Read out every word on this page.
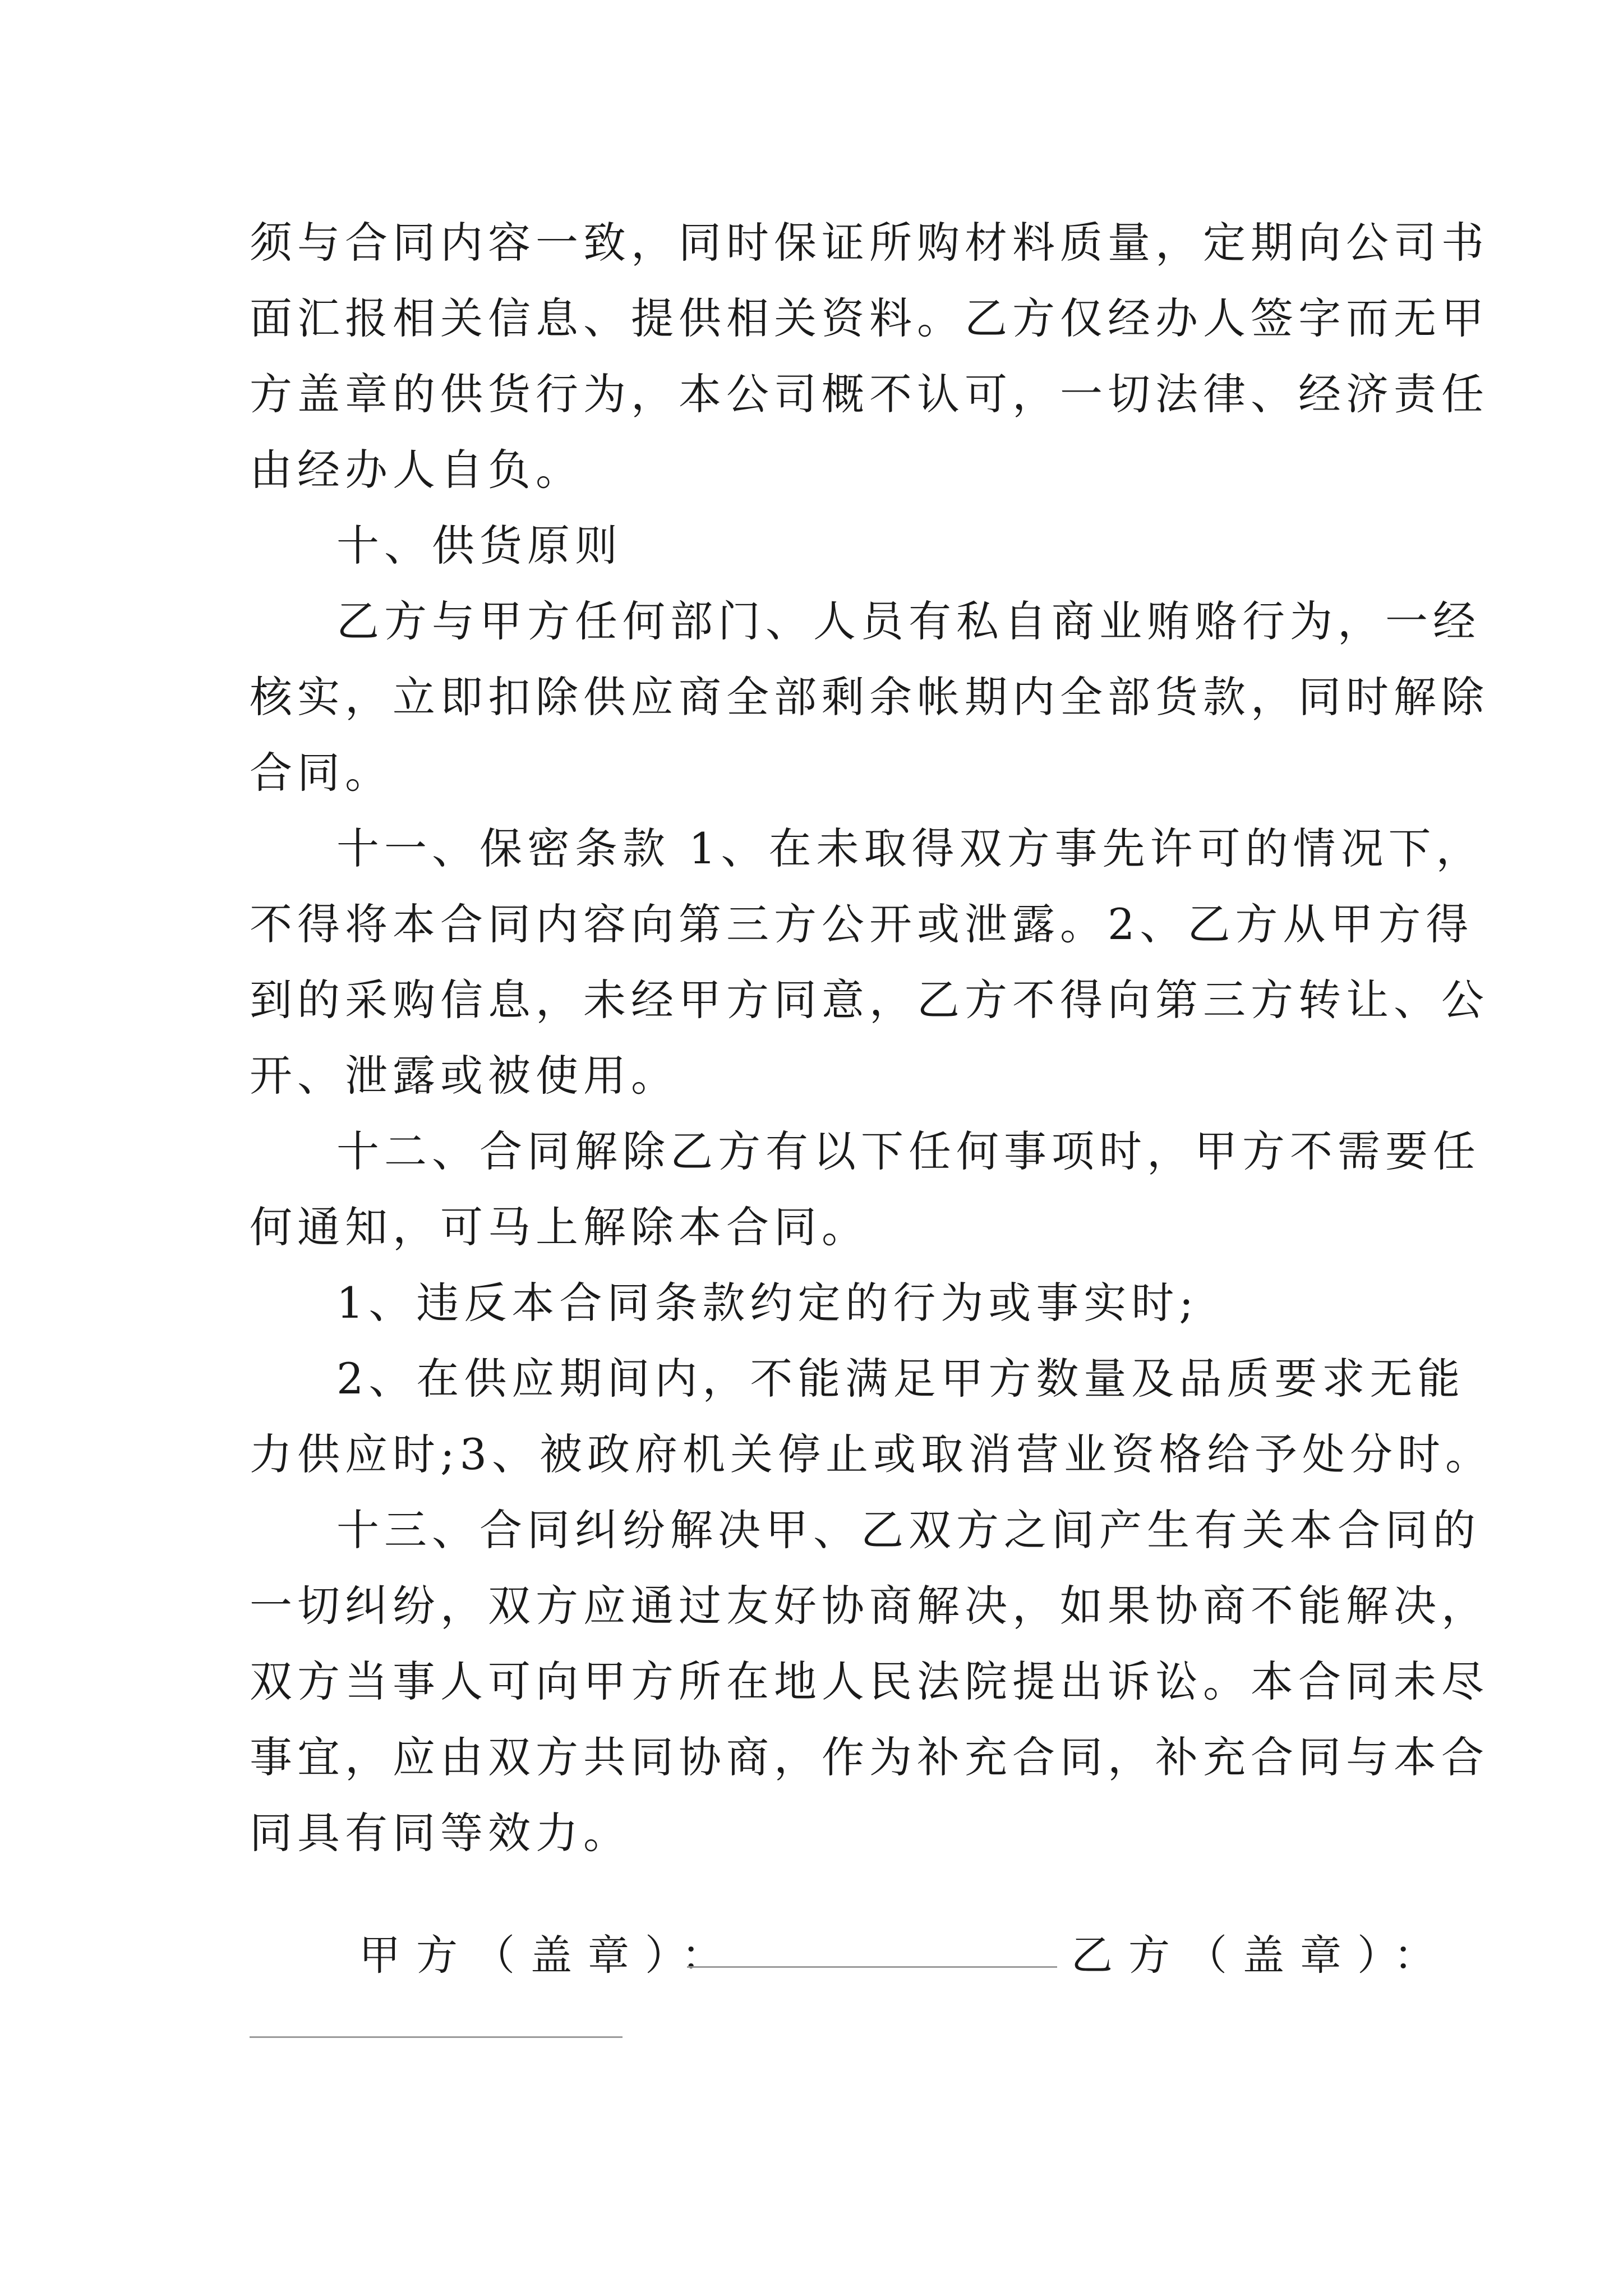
须与合同内容一致，同时保证所购材料质量，定期向公司书
面汇报相关信息、提供相关资料。乙方仅经办人签字而无甲
方盖章的供货行为，本公司概不认可，一切法律、经济责任
由经办人自负。
十、供货原则
乙方与甲方任何部门、人员有私自商业贿赂行为，一经
核实，立即扣除供应商全部剩余帐期内全部货款，同时解除
合同。
十一、保密条款 1、在未取得双方事先许可的情况下，
不得将本合同内容向第三方公开或泄露。2、乙方从甲方得
到的采购信息，未经甲方同意，乙方不得向第三方转让、公
开、泄露或被使用。
十二、合同解除乙方有以下任何事项时，甲方不需要任
何通知，可马上解除本合同。
1、违反本合同条款约定的行为或事实时;
2、在供应期间内，不能满足甲方数量及品质要求无能
力供应时;3、被政府机关停止或取消营业资格给予处分时。
十三、合同纠纷解决甲、乙双方之间产生有关本合同的
一切纠纷，双方应通过友好协商解决，如果协商不能解决，
双方当事人可向甲方所在地人民法院提出诉讼。本合同未尽
事宜，应由双方共同协商，作为补充合同，补充合同与本合
同具有同等效力。
甲方（盖章）：	乙方（盖章）：
